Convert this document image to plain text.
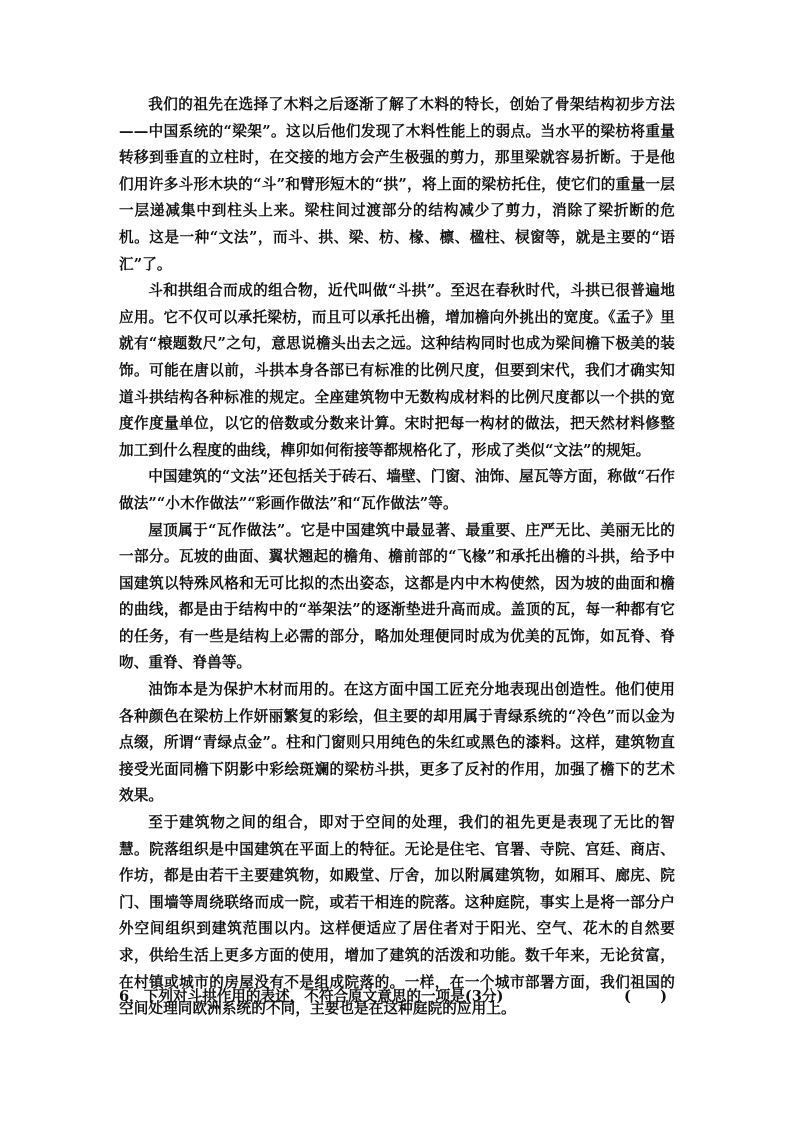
我们的祖先在选择了木料之后逐渐了解了木料的特长，创始了骨架结构初步方法——中国系统的“梁架”。这以后他们发现了木料性能上的弱点。当水平的梁枋将重量转移到垂直的立柱时，在交接的地方会产生极强的剪力，那里梁就容易折断。于是他们用许多斗形木块的“斗”和臂形短木的“拱”，将上面的梁枋托住，使它们的重量一层一层递减集中到柱头上来。梁柱间过渡部分的结构减少了剪力，消除了梁折断的危机。这是一种“文法”，而斗、拱、梁、枋、椽、檩、楹柱、棂窗等，就是主要的“语汇”了。

斗和拱组合而成的组合物，近代叫做“斗拱”。至迟在春秋时代，斗拱已很普遍地应用。它不仅可以承托梁枋，而且可以承托出檐，增加檐向外挑出的宽度。《孟子》里就有“榱题数尺”之句，意思说檐头出去之远。这种结构同时也成为梁间檐下极美的装饰。可能在唐以前，斗拱本身各部已有标准的比例尺度，但要到宋代，我们才确实知道斗拱结构各种标准的规定。全座建筑物中无数构成材料的比例尺度都以一个拱的宽度作度量单位，以它的倍数或分数来计算。宋时把每一构材的做法，把天然材料修整加工到什么程度的曲线，榫卯如何衔接等都规格化了，形成了类似“文法”的规矩。

中国建筑的“文法”还包括关于砖石、墙壁、门窗、油饰、屋瓦等方面，称做“石作做法”“小木作做法”“彩画作做法”和“瓦作做法”等。

屋顶属于“瓦作做法”。它是中国建筑中最显著、最重要、庄严无比、美丽无比的一部分。瓦坡的曲面、翼状翘起的檐角、檐前部的“飞椽”和承托出檐的斗拱，给予中国建筑以特殊风格和无可比拟的杰出姿态，这都是内中木构使然，因为坡的曲面和檐的曲线，都是由于结构中的“举架法”的逐渐垫进升高而成。盖顶的瓦，每一种都有它的任务，有一些是结构上必需的部分，略加处理便同时成为优美的瓦饰，如瓦脊、脊吻、重脊、脊兽等。

油饰本是为保护木材而用的。在这方面中国工匠充分地表现出创造性。他们使用各种颜色在梁枋上作妍丽繁复的彩绘，但主要的却用属于青绿系统的“冷色”而以金为点缀，所谓“青绿点金”。柱和门窗则只用纯色的朱红或黑色的漆料。这样，建筑物直接受光面同檐下阴影中彩绘斑斓的梁枋斗拱，更多了反衬的作用，加强了檐下的艺术效果。

至于建筑物之间的组合，即对于空间的处理，我们的祖先更是表现了无比的智慧。院落组织是中国建筑在平面上的特征。无论是住宅、官署、寺院、宫廷、商店、作坊，都是由若干主要建筑物，如殿堂、厅舍，加以附属建筑物，如厢耳、廊庑、院门、围墙等周绕联络而成一院，或若干相连的院落。这种庭院，事实上是将一部分户外空间组织到建筑范围以内。这样便适应了居住者对于阳光、空气、花木的自然要求，供给生活上更多方面的使用，增加了建筑的活泼和功能。数千年来，无论贫富，在村镇或城市的房屋没有不是组成院落的。一样，在一个城市部署方面，我们祖国的空间处理同欧洲系统的不同，主要也是在这种庭院的应用上。

6．下列对斗拱作用的表述，不符合原文意思的一项是(3分)	(　　)
